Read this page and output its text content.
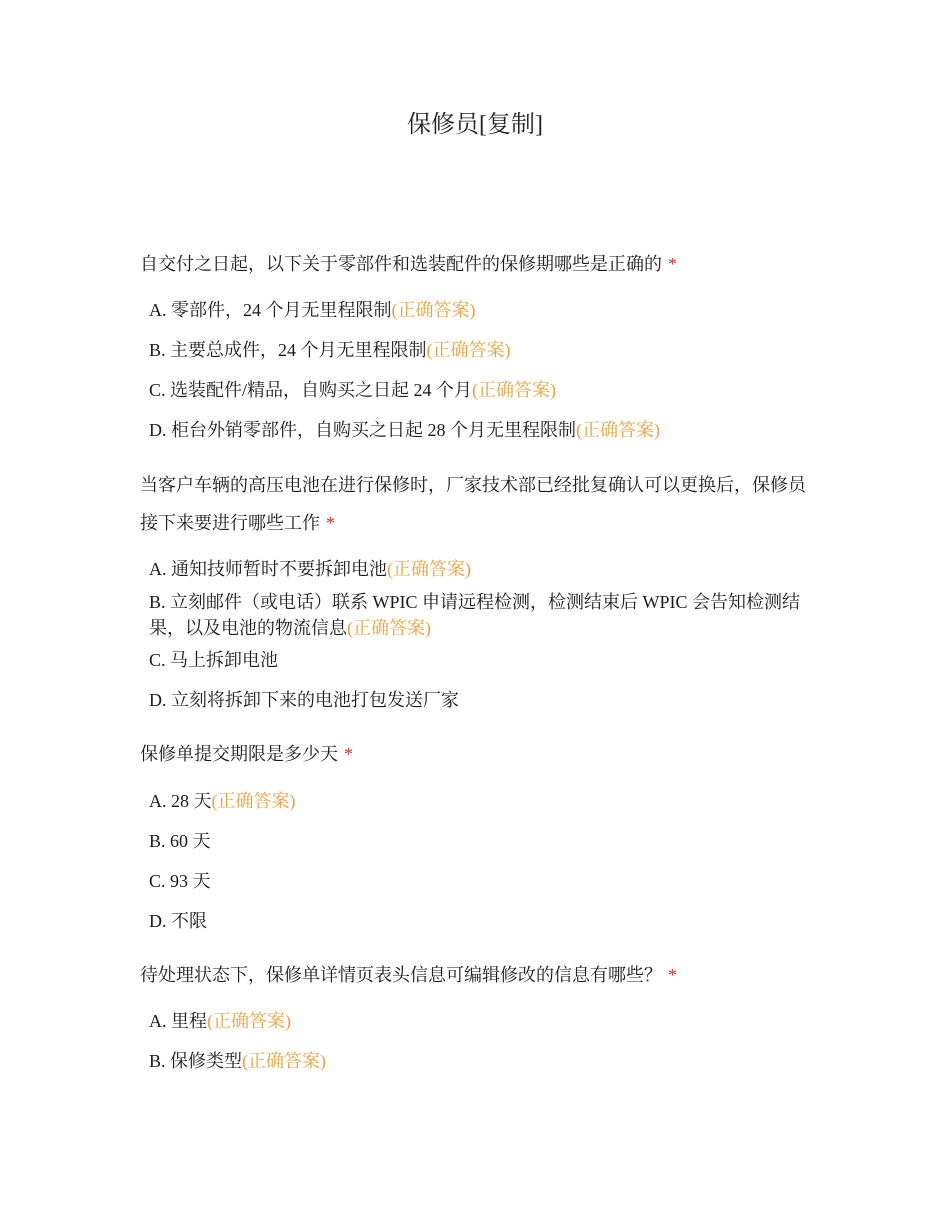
保修员[复制]
自交付之日起，以下关于零部件和选装配件的保修期哪些是正确的 *
A. 零部件，24 个月无里程限制(正确答案)
B. 主要总成件，24 个月无里程限制(正确答案)
C. 选装配件/精品，自购买之日起 24 个月(正确答案)
D. 柜台外销零部件，自购买之日起 28 个月无里程限制(正确答案)
当客户车辆的高压电池在进行保修时，厂家技术部已经批复确认可以更换后，保修员接下来要进行哪些工作 *
A. 通知技师暂时不要拆卸电池(正确答案)
B. 立刻邮件（或电话）联系 WPIC 申请远程检测，检测结束后 WPIC 会告知检测结果，以及电池的物流信息(正确答案)
C. 马上拆卸电池
D. 立刻将拆卸下来的电池打包发送厂家
保修单提交期限是多少天 *
A. 28 天(正确答案)
B. 60 天
C. 93 天
D. 不限
待处理状态下，保修单详情页表头信息可编辑修改的信息有哪些？ *
A. 里程(正确答案)
B. 保修类型(正确答案)
